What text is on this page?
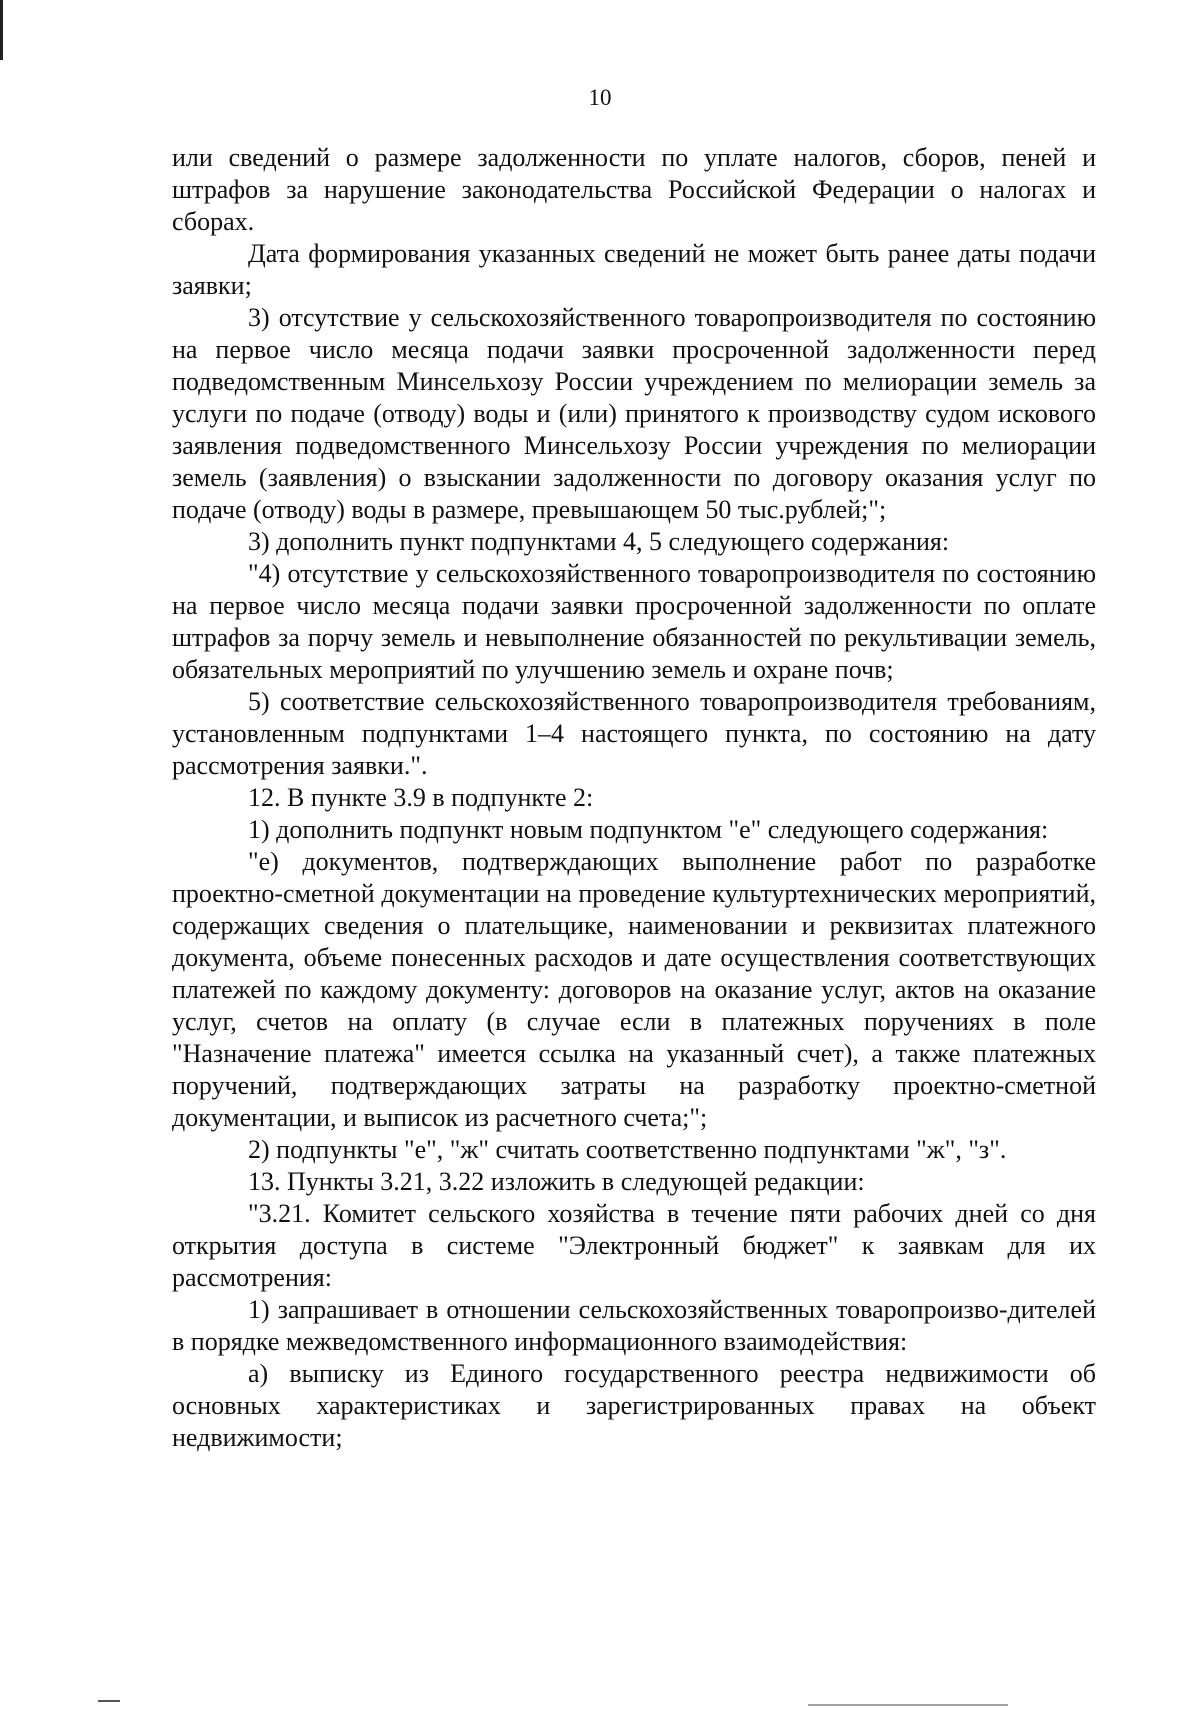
10

или сведений о размере задолженности по уплате налогов, сборов, пеней и штрафов за нарушение законодательства Российской Федерации о налогах и сборах.

Дата формирования указанных сведений не может быть ранее даты подачи заявки;

3) отсутствие у сельскохозяйственного товаропроизводителя по состоянию на первое число месяца подачи заявки просроченной задолженности перед подведомственным Минсельхозу России учреждением по мелиорации земель за услуги по подаче (отводу) воды и (или) принятого к производству судом искового заявления подведомственного Минсельхозу России учреждения по мелиорации земель (заявления) о взыскании задолженности по договору оказания услуг по подаче (отводу) воды в размере, превышающем 50 тыс.рублей;";

3) дополнить пункт подпунктами 4, 5 следующего содержания:

"4) отсутствие у сельскохозяйственного товаропроизводителя по состоянию на первое число месяца подачи заявки просроченной задолженности по оплате штрафов за порчу земель и невыполнение обязанностей по рекультивации земель, обязательных мероприятий по улучшению земель и охране почв;

5) соответствие сельскохозяйственного товаропроизводителя требованиям, установленным подпунктами 1–4 настоящего пункта, по состоянию на дату рассмотрения заявки.".

12. В пункте 3.9 в подпункте 2:

1) дополнить подпункт новым подпунктом "е" следующего содержания:

"е) документов, подтверждающих выполнение работ по разработке проектно-сметной документации на проведение культуртехнических мероприятий, содержащих сведения о плательщике, наименовании и реквизитах платежного документа, объеме понесенных расходов и дате осуществления соответствующих платежей по каждому документу: договоров на оказание услуг, актов на оказание услуг, счетов на оплату (в случае если в платежных поручениях в поле "Назначение платежа" имеется ссылка на указанный счет), а также платежных поручений, подтверждающих затраты на разработку проектно-сметной документации, и выписок из расчетного счета;";

2) подпункты "е", "ж" считать соответственно подпунктами "ж", "з".

13. Пункты 3.21, 3.22 изложить в следующей редакции:

"3.21. Комитет сельского хозяйства в течение пяти рабочих дней со дня открытия доступа в системе "Электронный бюджет" к заявкам для их рассмотрения:

1) запрашивает в отношении сельскохозяйственных товаропроизво-дителей в порядке межведомственного информационного взаимодействия:

а) выписку из Единого государственного реестра недвижимости об основных характеристиках и зарегистрированных правах на объект недвижимости;
